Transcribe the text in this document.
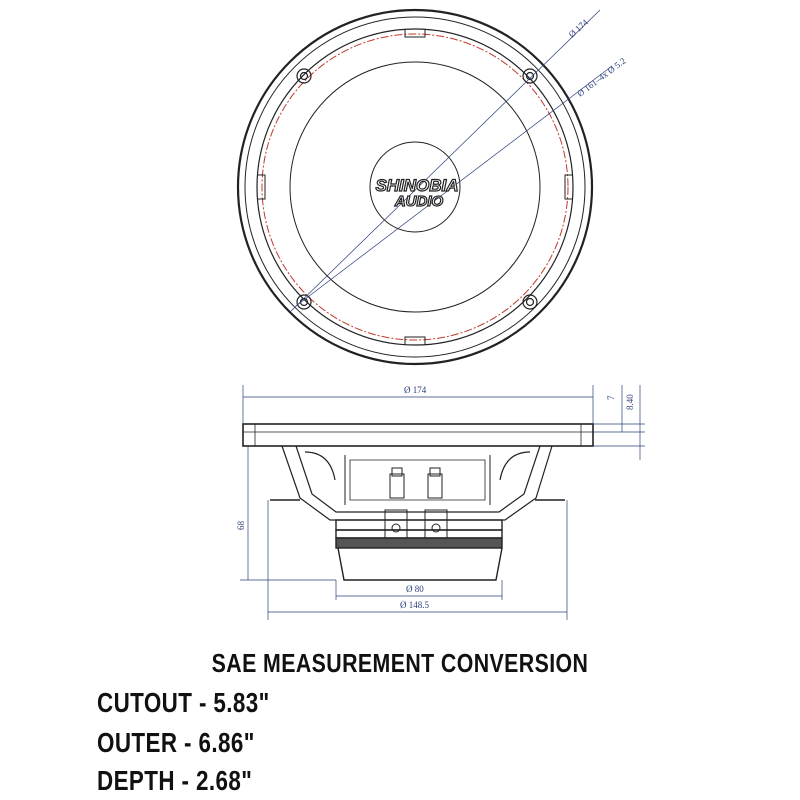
SHINOBIA
AUDIO
Ø 174
Ø 161–4x Ø 5.2
Ø 174
7 8.40
68
Ø 80
Ø 148.5
SAE MEASUREMENT CONVERSION
CUTOUT - 5.83"
OUTER - 6.86"
DEPTH - 2.68"
